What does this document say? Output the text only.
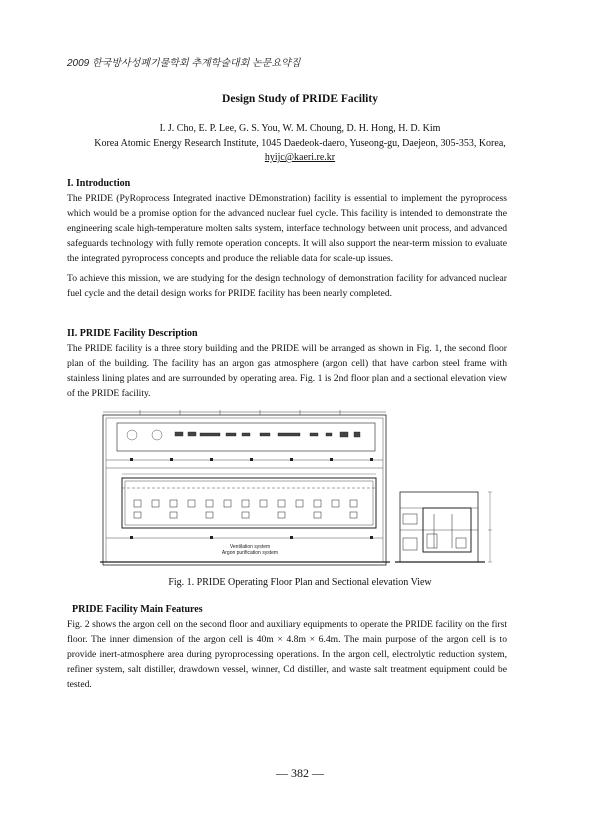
2009 한국방사성폐기물학회 추계학술대회 논문요약집
Design Study of PRIDE Facility
I. J. Cho, E. P. Lee, G. S. You, W. M. Choung, D. H. Hong, H. D. Kim
Korea Atomic Energy Research Institute, 1045 Daedeok-daero, Yuseong-gu, Daejeon, 305-353, Korea,
hyijc@kaeri.re.kr
I. Introduction
The PRIDE (PyRoprocess Integrated inactive DEmonstration) facility is essential to implement the pyroprocess which would be a promise option for the advanced nuclear fuel cycle. This facility is intended to demonstrate the engineering scale high-temperature molten salts system, interface technology between unit process, and advanced safeguards technology with fully remote operation concepts. It will also support the near-term mission to evaluate the integrated pyroprocess concepts and produce the reliable data for scale-up issues.
To achieve this mission, we are studying for the design technology of demonstration facility for advanced nuclear fuel cycle and the detail design works for PRIDE facility has been nearly completed.
II. PRIDE Facility Description
The PRIDE facility is a three story building and the PRIDE will be arranged as shown in Fig. 1, the second floor plan of the building. The facility has an argon gas atmosphere (argon cell) that have carbon steel frame with stainless lining plates and are surrounded by operating area. Fig. 1 is 2nd floor plan and a sectional elevation view of the PRIDE facility.
Ventilation system
Argon purification system
Fig. 1. PRIDE Operating Floor Plan and Sectional elevation View
PRIDE Facility Main Features
Fig. 2 shows the argon cell on the second floor and auxiliary equipments to operate the PRIDE facility on the first floor. The inner dimension of the argon cell is 40m × 4.8m × 6.4m. The main purpose of the argon cell is to provide inert-atmosphere area during pyroprocessing operations. In the argon cell, electrolytic reduction system, refiner system, salt distiller, drawdown vessel, winner, Cd distiller, and waste salt treatment equipment could be tested.
— 382 —
